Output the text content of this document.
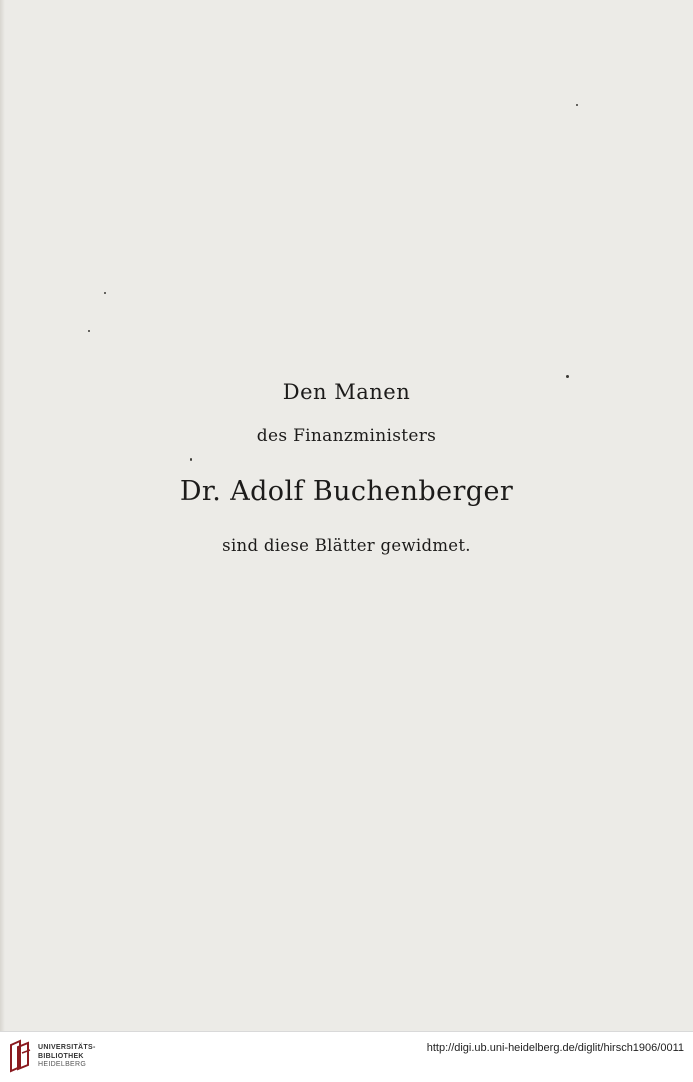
Den Manen
des Finanzministers
Dr. Adolf Buchenberger
sind diese Blätter gewidmet.
UNIVERSITÄTS-
BIBLIOTHEK
HEIDELBERG
http://digi.ub.uni-heidelberg.de/diglit/hirsch1906/0011
